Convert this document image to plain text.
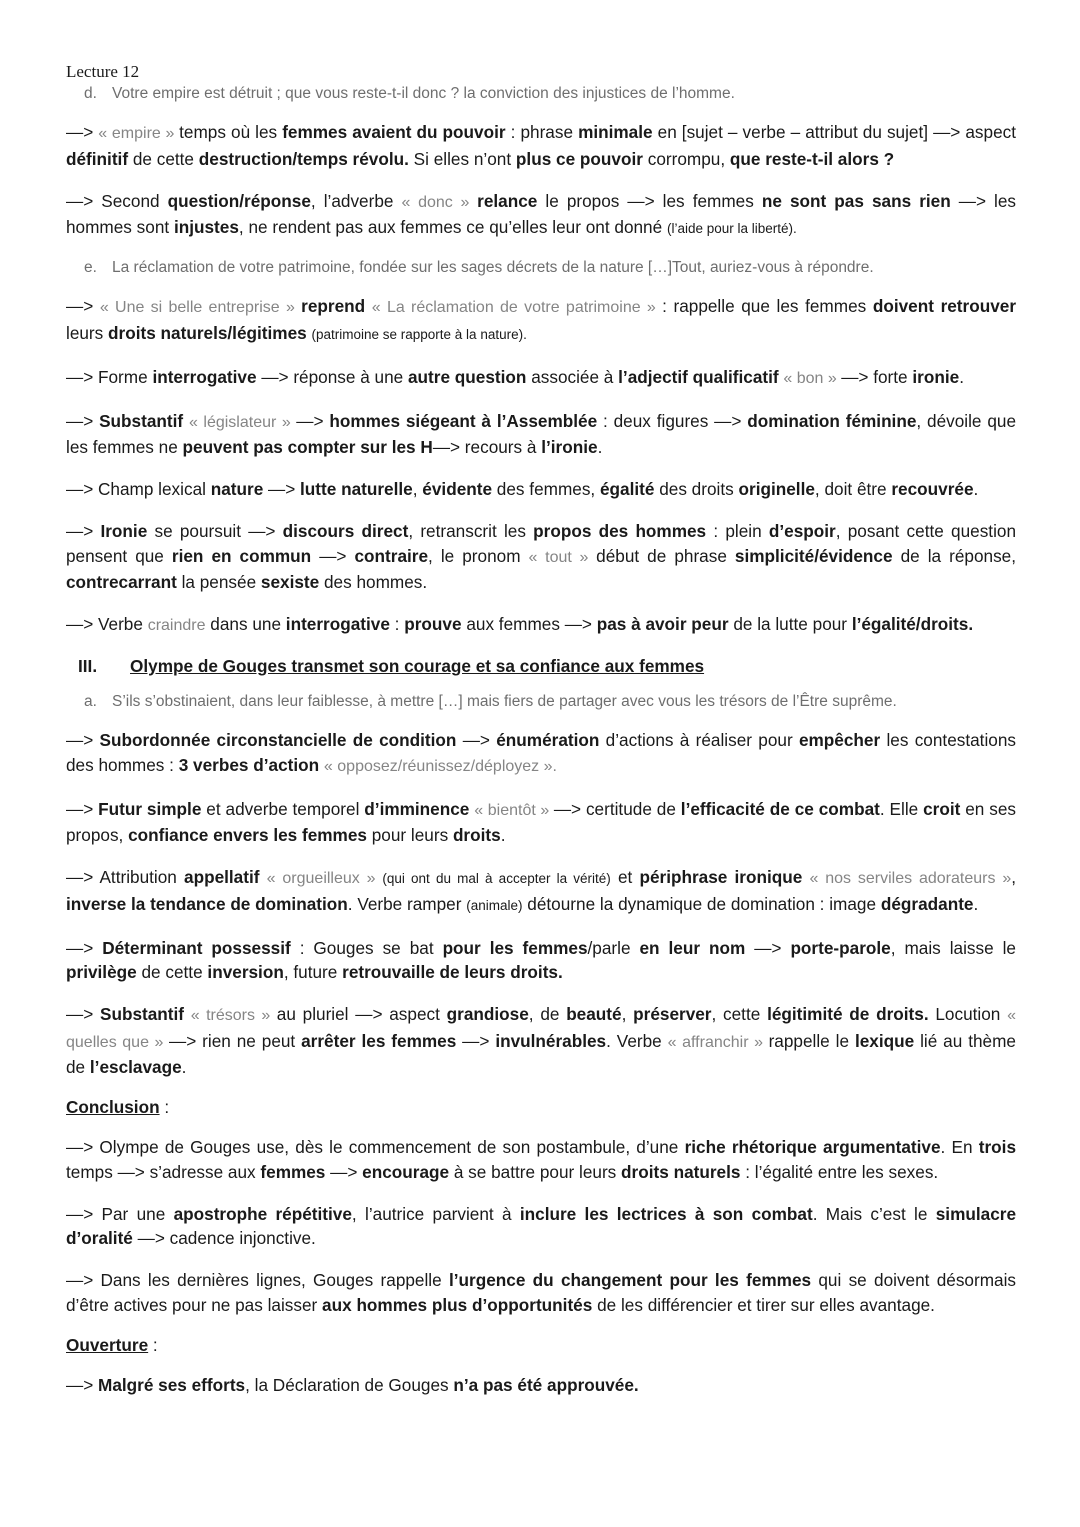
Lecture 12
d. Votre empire est détruit ; que vous reste-t-il donc ? la conviction des injustices de l’homme.

—> « empire » temps où les femmes avaient du pouvoir : phrase minimale en [sujet – verbe – attribut du sujet] —> aspect définitif de cette destruction/temps révolu. Si elles n’ont plus ce pouvoir corrompu, que reste-t-il alors ?

—> Second question/réponse, l’adverbe « donc » relance le propos —> les femmes ne sont pas sans rien —> les hommes sont injustes, ne rendent pas aux femmes ce qu’elles leur ont donné (l’aide pour la liberté).

e. La réclamation de votre patrimoine, fondée sur les sages décrets de la nature […]Tout, auriez-vous à répondre.

—> « Une si belle entreprise » reprend « La réclamation de votre patrimoine » : rappelle que les femmes doivent retrouver leurs droits naturels/légitimes (patrimoine se rapporte à la nature).

—> Forme interrogative —> réponse à une autre question associée à l’adjectif qualificatif « bon » —> forte ironie.

—> Substantif « législateur » —> hommes siégeant à l’Assemblée : deux figures —> domination féminine, dévoile que les femmes ne peuvent pas compter sur les H—> recours à l’ironie.

—> Champ lexical nature —> lutte naturelle, évidente des femmes, égalité des droits originelle, doit être recouvrée.

—> Ironie se poursuit —> discours direct, retranscrit les propos des hommes : plein d’espoir, posant cette question pensent que rien en commun —> contraire, le pronom « tout » début de phrase simplicité/évidence de la réponse, contrecarrant la pensée sexiste des hommes.

—> Verbe craindre dans une interrogative : prouve aux femmes —> pas à avoir peur de la lutte pour l’égalité/droits.

III.	Olympe de Gouges transmet son courage et sa confiance aux femmes
a. S’ils s’obstinaient, dans leur faiblesse, à mettre […] mais fiers de partager avec vous les trésors de l’Être suprême.

—> Subordonnée circonstancielle de condition —> énumération d’actions à réaliser pour empêcher les contestations des hommes : 3 verbes d’action « opposez/réunissez/déployez ».

—> Futur simple et adverbe temporel d’imminence « bientôt » —> certitude de l’efficacité de ce combat. Elle croit en ses propos, confiance envers les femmes pour leurs droits.

—> Attribution appellatif « orgueilleux » (qui ont du mal à accepter la vérité) et périphrase ironique « nos serviles adorateurs », inverse la tendance de domination. Verbe ramper (animale) détourne la dynamique de domination : image dégradante.

—> Déterminant possessif : Gouges se bat pour les femmes/parle en leur nom —> porte-parole, mais laisse le privilège de cette inversion, future retrouvaille de leurs droits.

—> Substantif « trésors » au pluriel —> aspect grandiose, de beauté, préserver, cette légitimité de droits. Locution « quelles que » —> rien ne peut arrêter les femmes —> invulnérables. Verbe « affranchir » rappelle le lexique lié au thème de l’esclavage.

Conclusion :

—> Olympe de Gouges use, dès le commencement de son postambule, d’une riche rhétorique argumentative. En trois temps —> s’adresse aux femmes —> encourage à se battre pour leurs droits naturels : l’égalité entre les sexes.

—> Par une apostrophe répétitive, l’autrice parvient à inclure les lectrices à son combat. Mais c’est le simulacre d’oralité —> cadence injonctive.

—> Dans les dernières lignes, Gouges rappelle l’urgence du changement pour les femmes qui se doivent désormais d’être actives pour ne pas laisser aux hommes plus d’opportunités de les différencier et tirer sur elles avantage.

Ouverture :

—> Malgré ses efforts, la Déclaration de Gouges n’a pas été approuvée.
